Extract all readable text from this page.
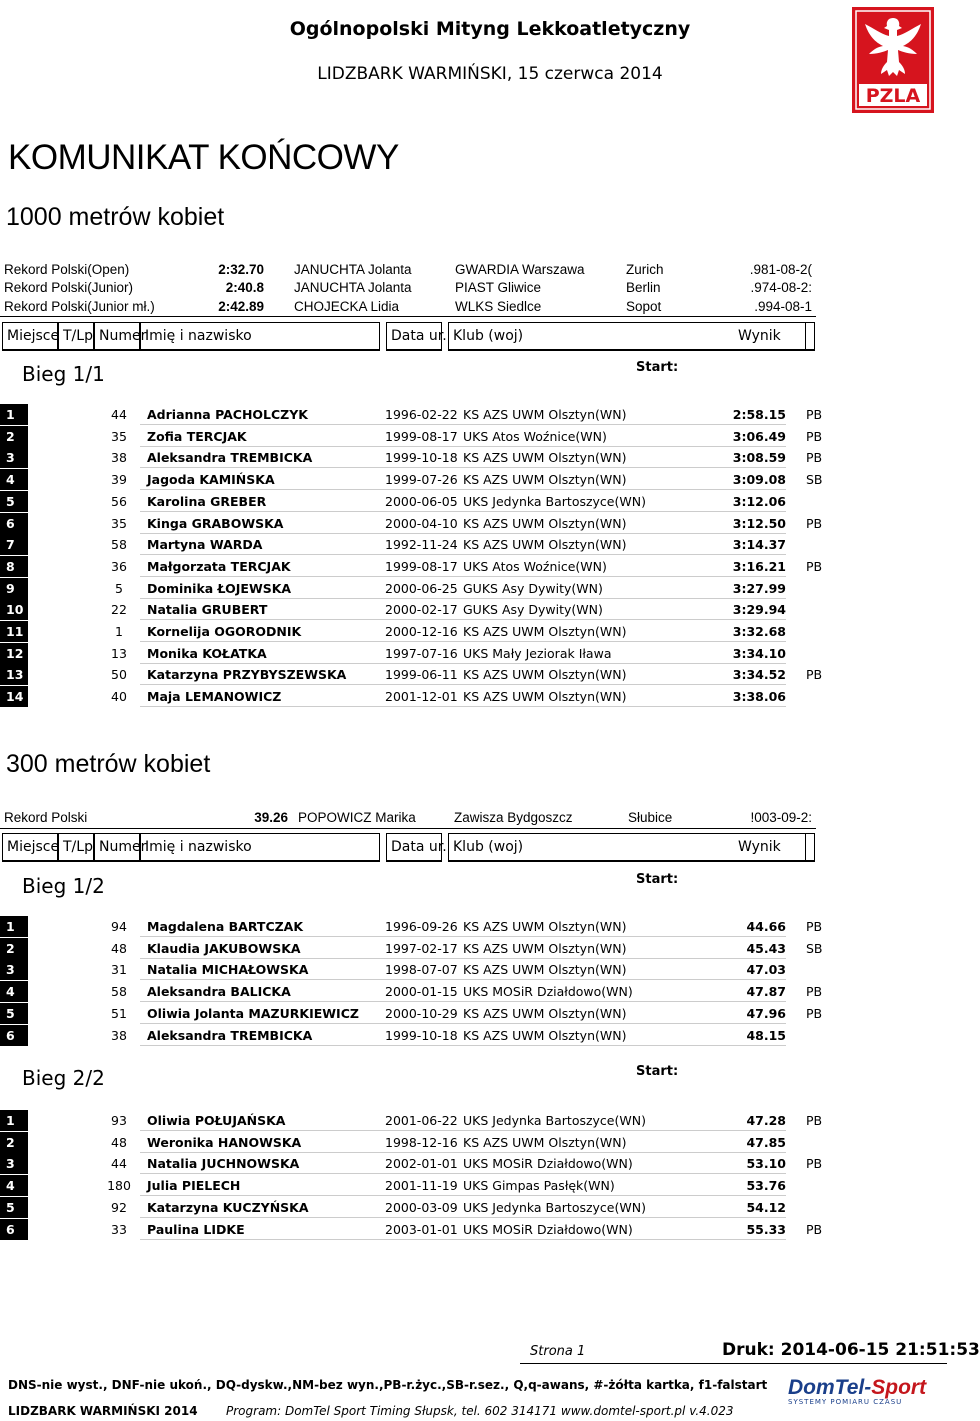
Ogólnopolski Mityng Lekkoatletyczny
LIDZBARK WARMIŃSKI, 15 czerwca 2014
PZLA
KOMUNIKAT KOŃCOWY
1000 metrów kobiet
Rekord Polski(Open)	2:32.70 JANUCHTA Jolanta	GWARDIA Warszawa	Zurich	.981-08-2(
Rekord Polski(Junior)	2:40.8 JANUCHTA Jolanta	PIAST Gliwice	Berlin	.974-08-2:
Rekord Polski(Junior mł.)	2:42.89 CHOJECKA Lidia	WLKS Siedlce	Sopot	.994-08-1
Miejsce T/Lp Numer
Imię i nazwisko	Data ur. Klub (woj)	Wynik
Bieg 1/1	Start:
1	44	Adrianna PACHOLCZYK	1996-02-22 KS AZS UWM Olsztyn(WN)	2:58.15 PB
2	35	Zofia TERCJAK	1999-08-17 UKS Atos Woźnice(WN)	3:06.49 PB
3	38	Aleksandra TREMBICKA	1999-10-18 KS AZS UWM Olsztyn(WN)	3:08.59 PB
4	39	Jagoda KAMIŃSKA	1999-07-26 KS AZS UWM Olsztyn(WN)	3:09.08 SB
5	56	Karolina GREBER	2000-06-05 UKS Jedynka Bartoszyce(WN)	3:12.06
6	35	Kinga GRABOWSKA	2000-04-10 KS AZS UWM Olsztyn(WN)	3:12.50 PB
7	58	Martyna WARDA	1992-11-24 KS AZS UWM Olsztyn(WN)	3:14.37
8	36	Małgorzata TERCJAK	1999-08-17 UKS Atos Woźnice(WN)	3:16.21 PB
9	5	Dominika ŁOJEWSKA	2000-06-25 GUKS Asy Dywity(WN)	3:27.99
10	22	Natalia GRUBERT	2000-02-17 GUKS Asy Dywity(WN)	3:29.94
11	1	Kornelija OGORODNIK	2000-12-16 KS AZS UWM Olsztyn(WN)	3:32.68
12	13	Monika KOŁATKA	1997-07-16 UKS Mały Jeziorak Iława	3:34.10
13	50	Katarzyna PRZYBYSZEWSKA	1999-06-11 KS AZS UWM Olsztyn(WN)	3:34.52 PB
14	40	Maja LEMANOWICZ	2001-12-01 KS AZS UWM Olsztyn(WN)	3:38.06
300 metrów kobiet
Rekord Polski	39.26 POPOWICZ Marika	Zawisza Bydgoszcz	Słubice	!003-09-2:
Miejsce T/Lp Numer
Imię i nazwisko	Data ur. Klub (woj)	Wynik
Bieg 1/2	Start:
1	94	Magdalena BARTCZAK	1996-09-26 KS AZS UWM Olsztyn(WN)	44.66 PB
2	48	Klaudia JAKUBOWSKA	1997-02-17 KS AZS UWM Olsztyn(WN)	45.43 SB
3	31	Natalia MICHAŁOWSKA	1998-07-07 KS AZS UWM Olsztyn(WN)	47.03
4	58	Aleksandra BALICKA	2000-01-15 UKS MOSiR Działdowo(WN)	47.87 PB
5	51	Oliwia Jolanta MAZURKIEWICZ 2000-10-29 KS AZS UWM Olsztyn(WN)	47.96 PB
6	38	Aleksandra TREMBICKA	1999-10-18 KS AZS UWM Olsztyn(WN)	48.15
Bieg 2/2	Start:
1	93	Oliwia POŁUJAŃSKA	2001-06-22 UKS Jedynka Bartoszyce(WN)	47.28 PB
2	48	Weronika HANOWSKA	1998-12-16 KS AZS UWM Olsztyn(WN)	47.85
3	44	Natalia JUCHNOWSKA	2002-01-01 UKS MOSiR Działdowo(WN)	53.10 PB
4	180	Julia PIELECH	2001-11-19 UKS Gimpas Pasłęk(WN)	53.76
5	92	Katarzyna KUCZYŃSKA	2000-03-09 UKS Jedynka Bartoszyce(WN)	54.12
6	33	Paulina LIDKE	2003-01-01 UKS MOSiR Działdowo(WN)	55.33 PB
Strona 1	Druk: 2014-06-15 21:51:53
DNS-nie wyst., DNF-nie ukoń., DQ-dyskw.,NM-bez wyn.,PB-r.życ.,SB-r.sez., Q,q-awans, #-żółta kartka, f1-falstart
LIDZBARK WARMIŃSKI 2014 Program: DomTel Sport Timing Słupsk, tel. 602 314171 www.domtel-sport.pl v.4.023
DomTel-Sport
SYSTEMY POMIARU CZASU
